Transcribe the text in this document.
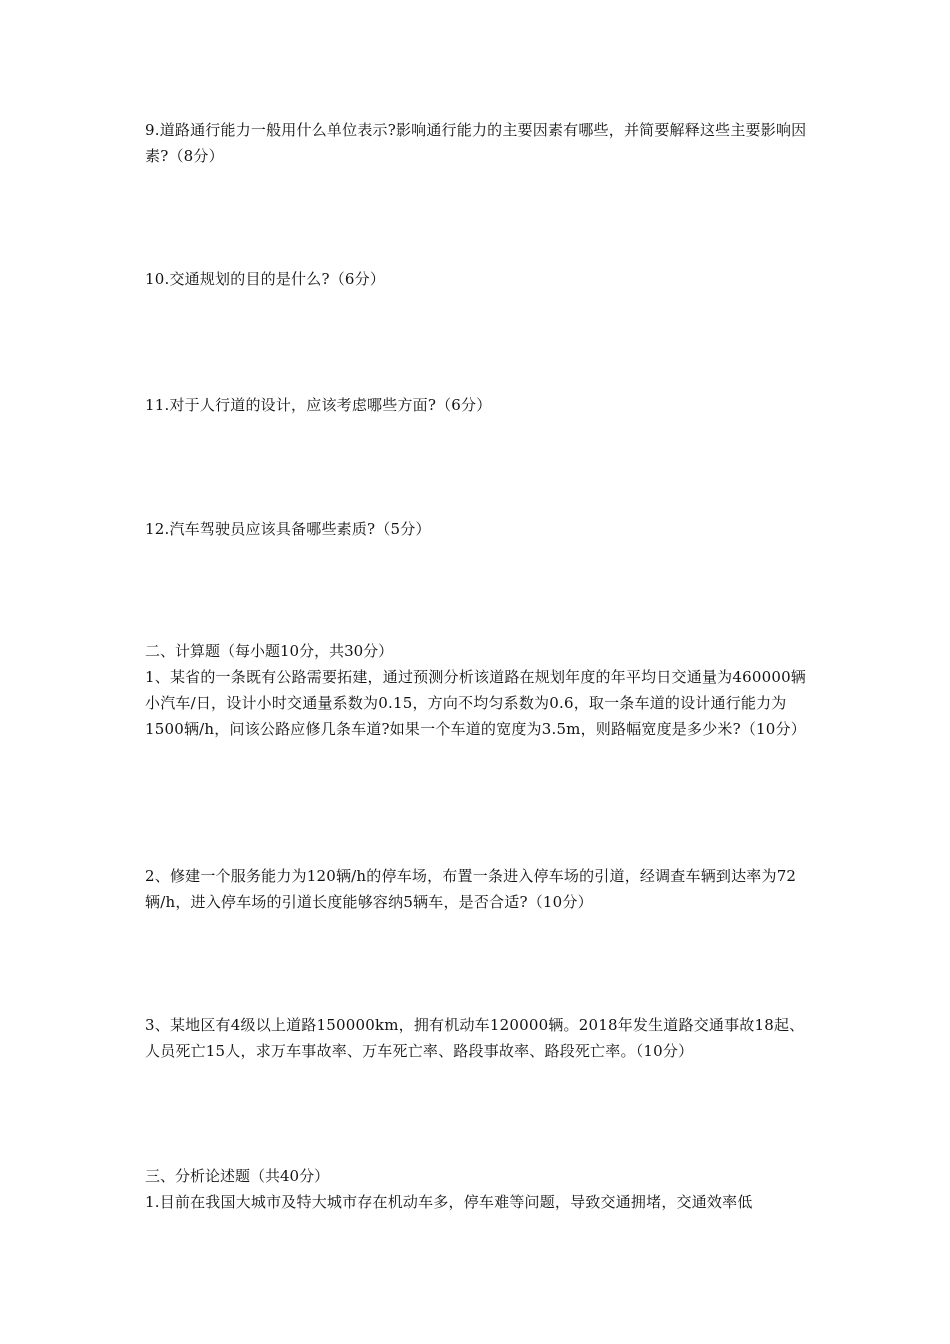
9.道路通行能力一般用什么单位表示?影响通行能力的主要因素有哪些，并简要解释这些主要影响因素?（8分）

10.交通规划的目的是什么?（6分）

11.对于人行道的设计，应该考虑哪些方面?（6分）

12.汽车驾驶员应该具备哪些素质?（5分）

二、计算题（每小题10分，共30分）

1、某省的一条既有公路需要拓建，通过预测分析该道路在规划年度的年平均日交通量为460000辆小汽车/日，设计小时交通量系数为0.15，方向不均匀系数为0.6，取一条车道的设计通行能力为1500辆/h，问该公路应修几条车道?如果一个车道的宽度为3.5m，则路幅宽度是多少米?（10分）

2、修建一个服务能力为120辆/h的停车场，布置一条进入停车场的引道，经调查车辆到达率为72辆/h，进入停车场的引道长度能够容纳5辆车，是否合适?（10分）

3、某地区有4级以上道路150000km，拥有机动车120000辆。2018年发生道路交通事故18起、人员死亡15人，求万车事故率、万车死亡率、路段事故率、路段死亡率。（10分）

三、分析论述题（共40分）

1.目前在我国大城市及特大城市存在机动车多，停车难等问题，导致交通拥堵，交通效率低
